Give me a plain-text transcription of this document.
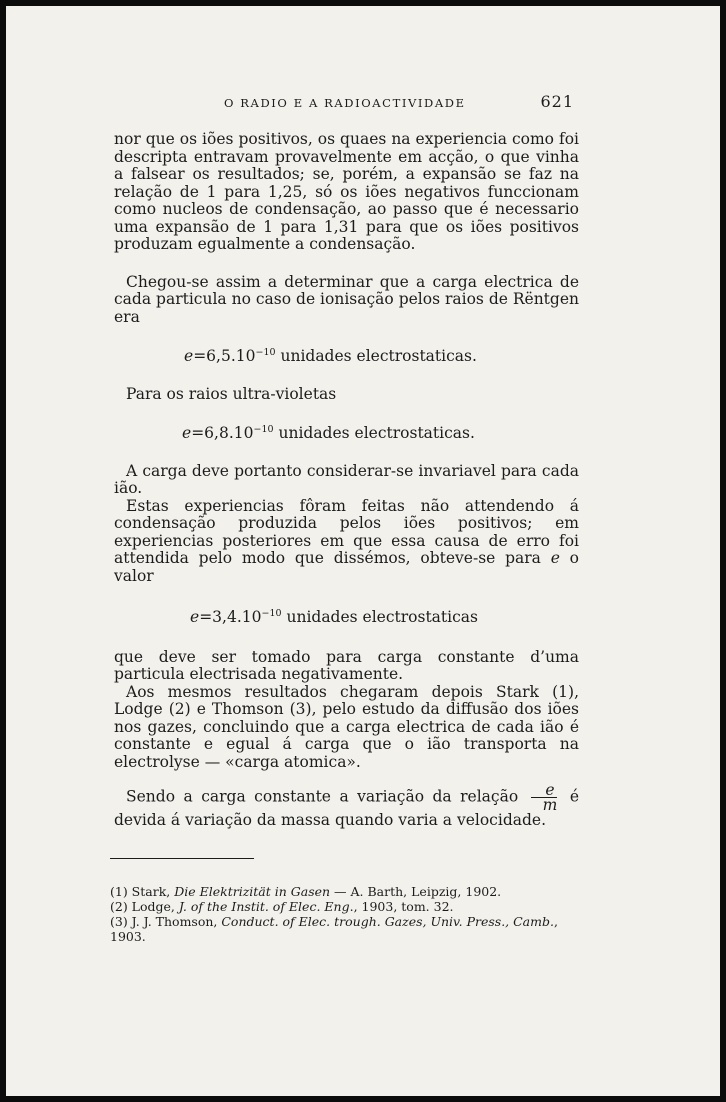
O RADIO E A RADIOACTIVIDADE	621

nor que os iões positivos, os quaes na experiencia como foi descripta entravam provavelmente em acção, o que vinha a falsear os resultados; se, porém, a expansão se faz na relação de 1 para 1,25, só os iões negativos funccionam como nucleos de condensação, ao passo que é necessario uma expansão de 1 para 1,31 para que os iões positivos produzam egualmente a condensação.

Chegou-se assim a determinar que a carga electrica de cada particula no caso de ionisação pelos raios de Rëntgen era

$e=6,5.10^{-10}$ unidades electrostaticas.

Para os raios ultra-violetas

$e=6,8.10^{-10}$ unidades electrostaticas.

A carga deve portanto considerar-se invariavel para cada ião.

Estas experiencias fôram feitas não attendendo á condensação produzida pelos iões positivos; em experiencias posteriores em que essa causa de erro foi attendida pelo modo que dissémos, obteve-se para e o valor

$e=3,4.10^{-10}$ unidades electrostaticas

que deve ser tomado para carga constante d’uma particula electrisada negativamente.

Aos mesmos resultados chegaram depois Stark (1), Lodge (2) e Thomson (3), pelo estudo da diffusão dos iões nos gazes, concluindo que a carga electrica de cada ião é constante e egual á carga que o ião transporta na electrolyse — «carga atomica».

Sendo a carga constante a variação da relação $\frac{e}{m}$ é devida á variação da massa quando varia a velocidade.

(1) Stark, Die Elektrizität in Gasen — A. Barth, Leipzig, 1902.

(2) Lodge, J. of the Instit. of Elec. Eng., 1903, tom. 32.

(3) J. J. Thomson, Conduct. of Elec. trough. Gazes, Univ. Press., Camb., 1903.
